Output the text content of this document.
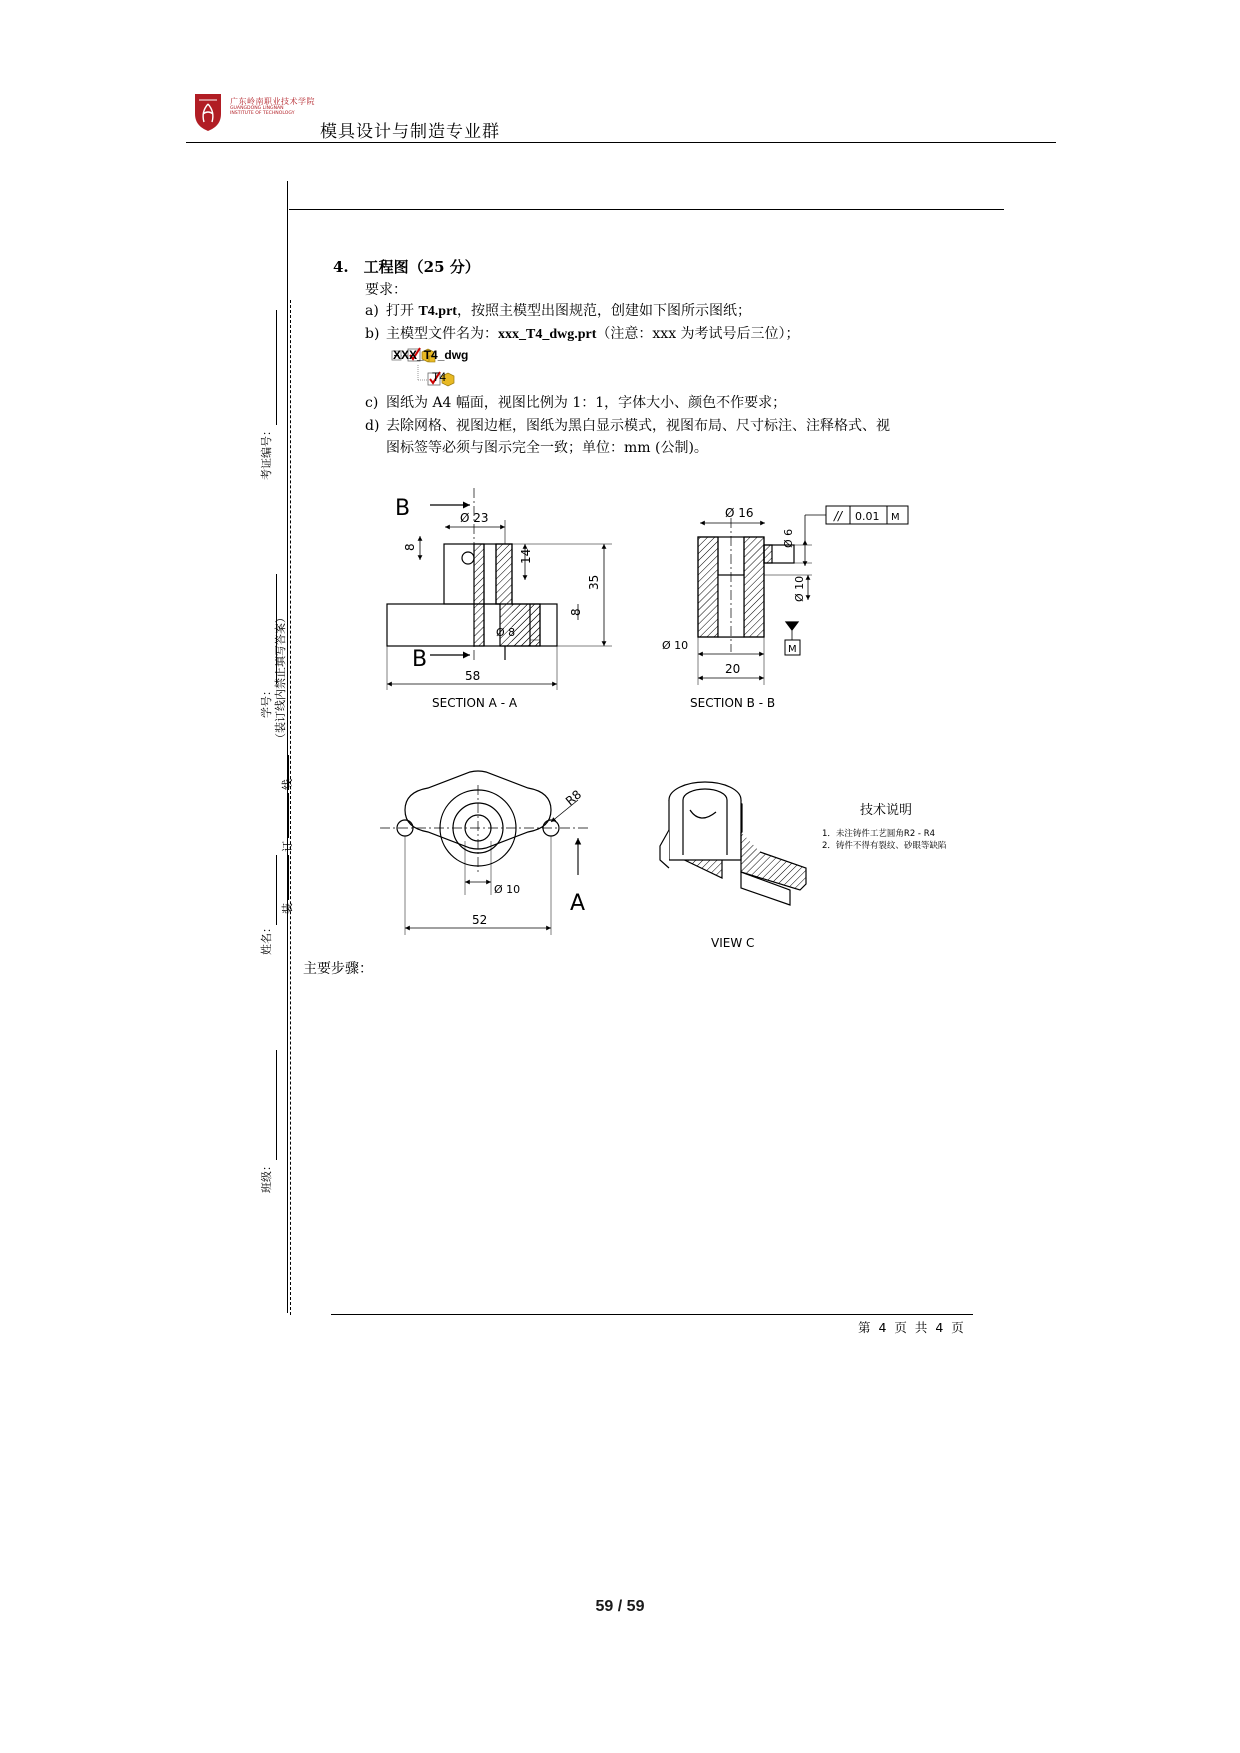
广东岭南职业技术学院
GUANGDONG LINGNAN
INSTITUTE OF TECHNOLOGY
模具设计与制造专业群
考证编号：
学号： （装订线内禁止填写答案）
线
订
装
姓名：
班级：
4.　工程图（25 分）
要求：
a) 打开 T4.prt，按照主模型出图规范，创建如下图所示图纸；
b) 主模型文件名为：xxx_T4_dwg.prt（注意：xxx 为考试号后三位）；
XXX_T4_dwg
T4
c) 图纸为 A4 幅面，视图比例为 1：1，字体大小、颜色不作要求；
d) 去除网格、视图边框，图纸为黑白显示模式，视图布局、尺寸标注、注释格式、视
图标签等必须与图示完全一致；单位：mm (公制)。
B
B
Ø 23
8
14
35
8
Ø 8
58
SECTION A - A
Ø 16
Ø 6
// 0.01 M
Ø 10
M
Ø 10
20
SECTION B - B
R8
Ø 10
52
A
VIEW C
技术说明
1．未注铸件工艺圆角R2 - R4
2．铸件不得有裂纹、砂眼等缺陷
主要步骤：
第 4 页 共 4 页
59 / 59
